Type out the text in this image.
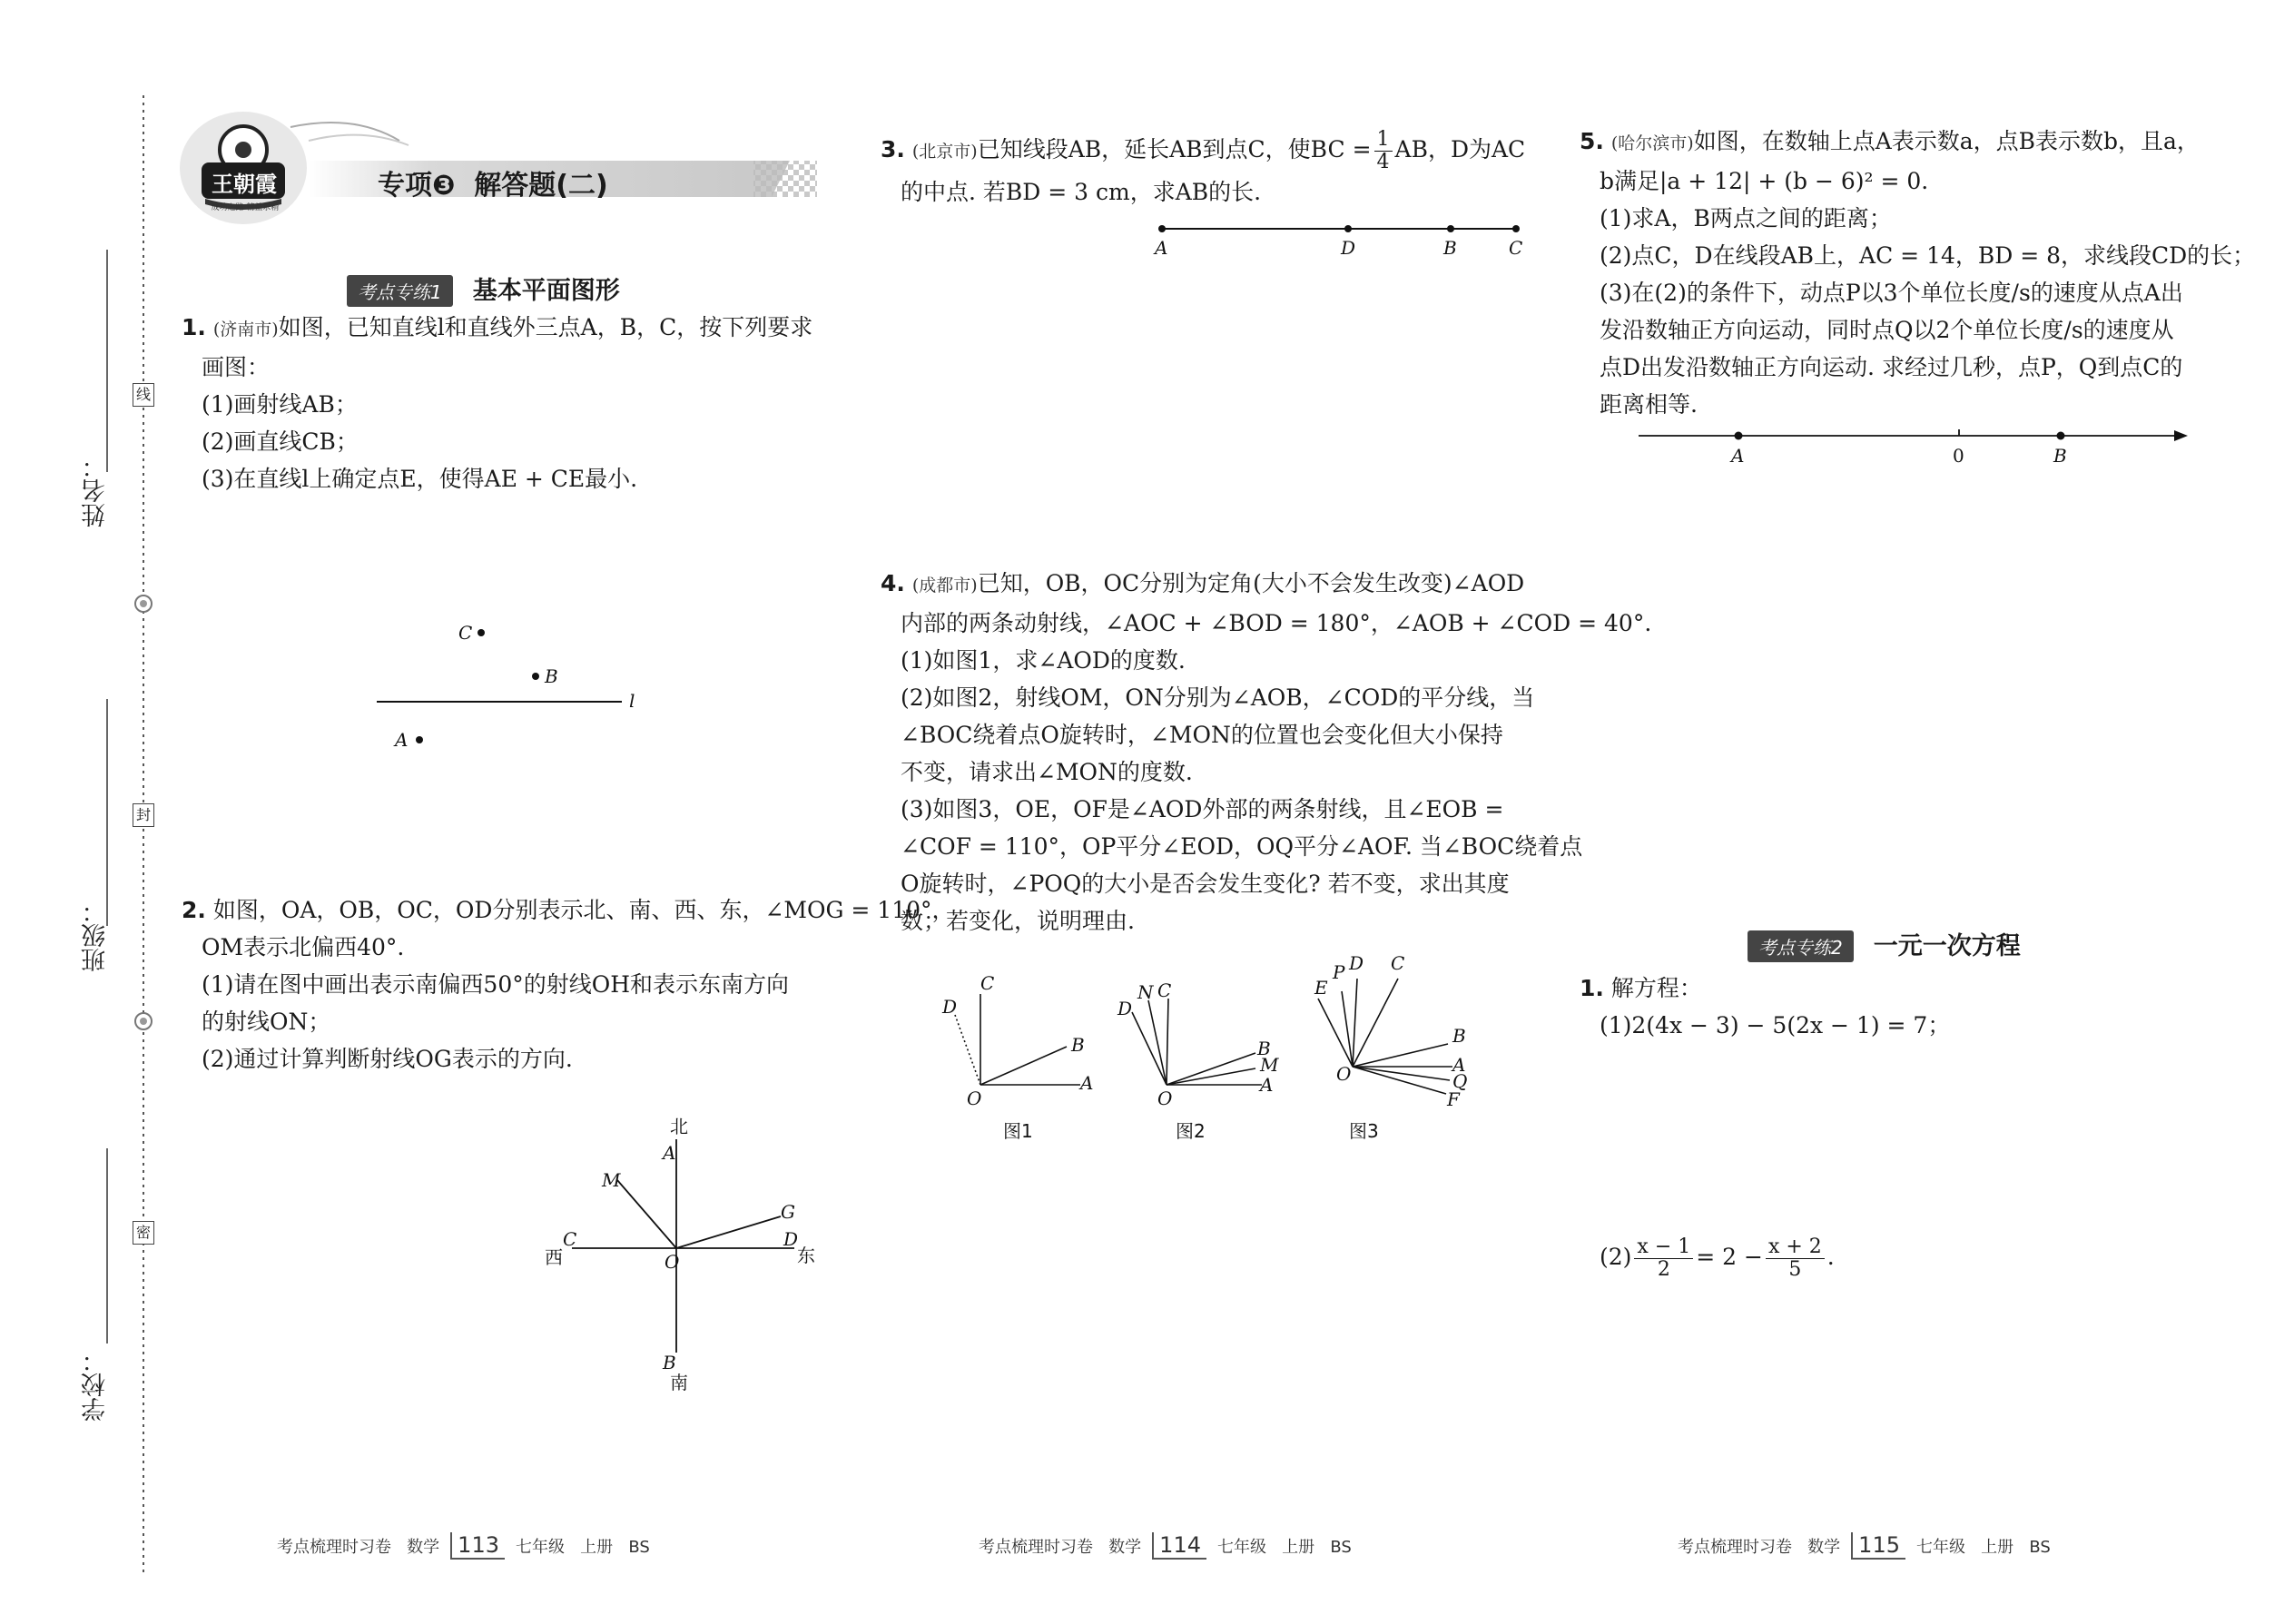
姓名：
班级：
学校：
线
封
密
王朝霞
成功之路 精益求精
专项❸  解答题(二)
考点专练1 基本平面图形
1. (济南市)如图，已知直线l和直线外三点A，B，C，按下列要求
画图：
(1)画射线AB；
(2)画直线CB；
(3)在直线l上确定点E，使得AE + CE最小.
C
B
A
l
2. 如图，OA，OB，OC，OD分别表示北、南、西、东，∠MOG = 110°，
OM表示北偏西40°.
(1)请在图中画出表示南偏西50°的射线OH和表示东南方向
的射线ON；
(2)通过计算判断射线OG表示的方向.
北
A
M
G
C
西
D
东
O
B
南
3. (北京市)已知线段AB，延长AB到点C，使BC = $\frac{1}{4}$ AB，D为AC
的中点. 若BD = 3 cm，求AB的长.
A	D	B	C
4. (成都市)已知，OB，OC分别为定角(大小不会发生改变)∠AOD
内部的两条动射线，∠AOC + ∠BOD = 180°，∠AOB + ∠COD = 40°.
(1)如图1，求∠AOD的度数.
(2)如图2，射线OM，ON分别为∠AOB，∠COD的平分线，当
∠BOC绕着点O旋转时，∠MON的位置也会变化但大小保持
不变，请求出∠MON的度数.
(3)如图3，OE，OF是∠AOD外部的两条射线，且∠EOB =
∠COF = 110°，OP平分∠EOD，OQ平分∠AOF. 当∠BOC绕着点
O旋转时，∠POQ的大小是否会发生变化? 若不变，求出其度
数；若变化，说明理由.
C
D
B
A
O
图1
N C
D
B
M
A
O
图2
P D C
E
B
A
Q
F
O
图3
5. (哈尔滨市)如图，在数轴上点A表示数a，点B表示数b，且a，
b满足|a + 12| + (b − 6)² = 0.
(1)求A，B两点之间的距离；
(2)点C，D在线段AB上，AC = 14，BD = 8，求线段CD的长；
(3)在(2)的条件下，动点P以3个单位长度/s的速度从点A出
发沿数轴正方向运动，同时点Q以2个单位长度/s的速度从
点D出发沿数轴正方向运动. 求经过几秒，点P，Q到点C的
距离相等.
A	0	B
考点专练2 一元一次方程
1. 解方程：
(1)2(4x − 3) − 5(2x − 1) = 7；
$(2) \frac{x - 1}{2} = 2 - \frac{x + 2}{5}$ .
考点梳理时习卷   数学 113 七年级   上册   BS	考点梳理时习卷   数学 114 七年级   上册   BS	考点梳理时习卷   数学 115 七年级   上册   BS
